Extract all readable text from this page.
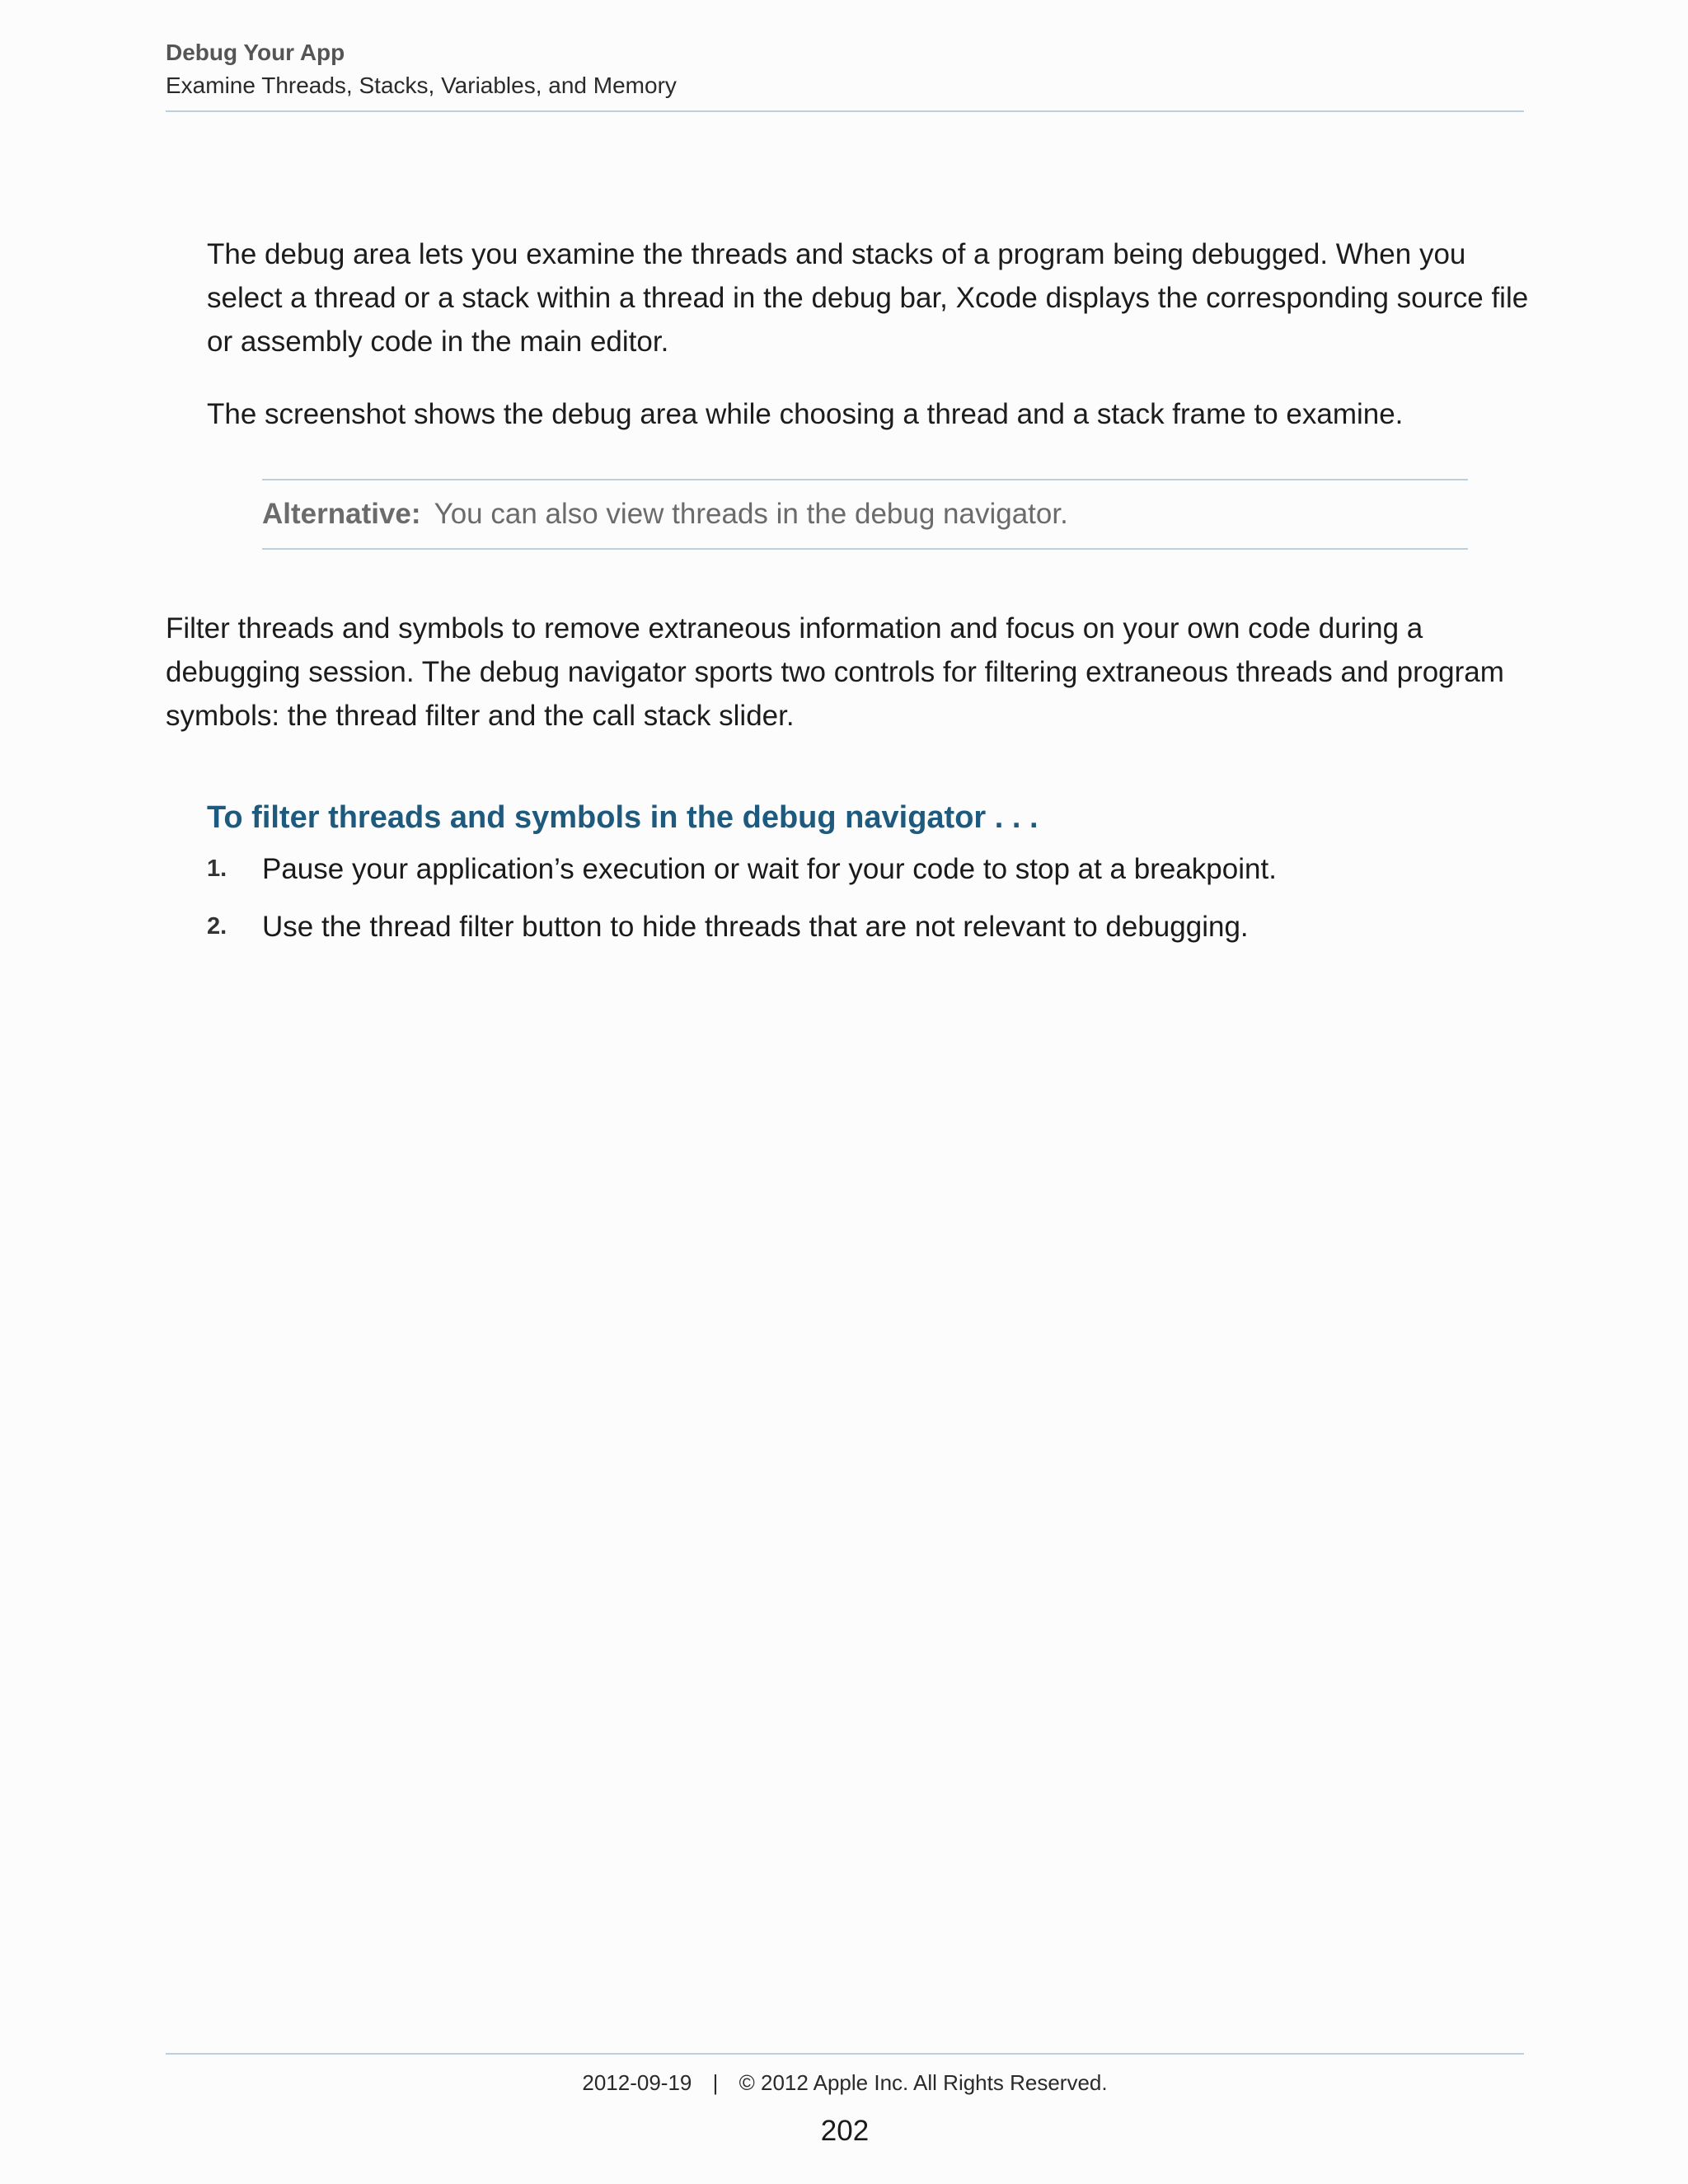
Debug Your App
Examine Threads, Stacks, Variables, and Memory

The debug area lets you examine the threads and stacks of a program being debugged. When you select a thread or a stack within a thread in the debug bar, Xcode displays the corresponding source file or assembly code in the main editor.

The screenshot shows the debug area while choosing a thread and a stack frame to examine.

Alternative: You can also view threads in the debug navigator.

Filter threads and symbols to remove extraneous information and focus on your own code during a debugging session. The debug navigator sports two controls for filtering extraneous threads and program symbols: the thread filter and the call stack slider.

To filter threads and symbols in the debug navigator . . .
1.	Pause your application’s execution or wait for your code to stop at a breakpoint.
2.	Use the thread filter button to hide threads that are not relevant to debugging.
2012-09-19 | © 2012 Apple Inc. All Rights Reserved.
202
